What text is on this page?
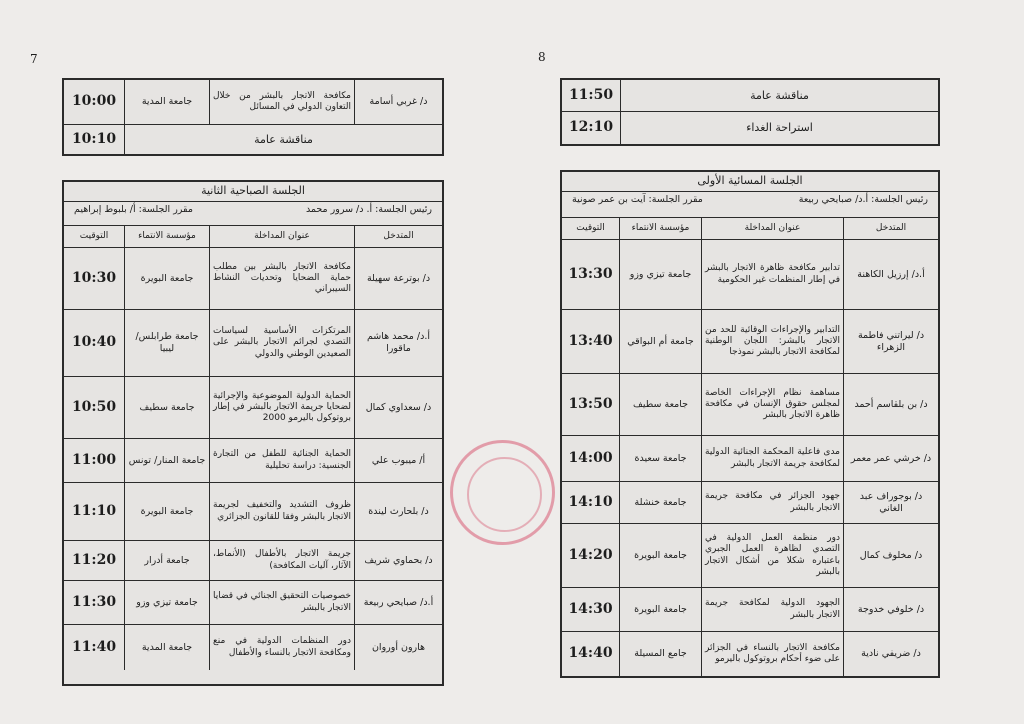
7	8
د/ غربي أسامة
مكافحة الاتجار بالبشر من خلال التعاون الدولي في المسائل
جامعة المدية
10:00
مناقشة عامة
10:10
الجلسة الصباحية الثانية
رئيس الجلسة: أ. د/ سرور محمد
مقرر الجلسة: أ/ بلبوط إبراهيم
المتدخل
عنوان المداخلة
مؤسسة الانتماء
التوقيت
د/ بوترعة سهيلة
مكافحة الاتجار بالبشر بين مطلب حماية الضحايا وتحديات النشاط السيبراني
جامعة البويرة
10:30
أ.د/ محمد هاشم ماقورا
المرتكزات الأساسية لسياسات التصدي لجرائم الاتجار بالبشر على الصعيدين الوطني والدولي
جامعة طرابلس/ ليبيا
10:40
د/ سعداوي كمال
الحماية الدولية الموضوعية والإجرائية لضحايا جريمة الاتجار بالبشر في إطار بروتوكول باليرمو 2000
جامعة سطيف
10:50
أ/ ميبوب علي
الحماية الجنائية للطفل من التجارة الجنسية: دراسة تحليلية
جامعة المنار/ تونس
11:00
د/ بلحارث ليندة
ظروف التشديد والتخفيف لجريمة الاتجار بالبشر وفقا للقانون الجزائري
جامعة البويرة
11:10
د/ بحماوي شريف
جريمة الاتجار بالأطفال (الأنماط، الآثار، آليات المكافحة)
جامعة أدرار
11:20
أ.د/ صبايحي ربيعة
خصوصيات التحقيق الجنائي في قضايا الاتجار بالبشر
جامعة تيزي وزو
11:30
هارون أوروان
دور المنظمات الدولية في منع ومكافحة الاتجار بالنساء والأطفال
جامعة المدية
11:40
مناقشة عامة
11:50
استراحة الغداء
12:10
الجلسة المسائية الأولى
رئيس الجلسة: أ.د/ صبايحي ربيعة
مقرر الجلسة: آيت بن عمر صونية
المتدخل
عنوان المداخلة
مؤسسة الانتماء
التوقيت
أ.د/ إرزيل الكاهنة
تدابير مكافحة ظاهرة الاتجار بالبشر في إطار المنظمات غير الحكومية
جامعة تيزي وزو
13:30
د/ ليراتني فاطمة الزهراء
التدابير والإجراءات الوقائية للحد من الاتجار بالبشر: اللجان الوطنية لمكافحة الاتجار بالبشر نموذجا
جامعة أم البواقي
13:40
د/ بن بلقاسم أحمد
مساهمة نظام الإجراءات الخاصة لمجلس حقوق الإنسان في مكافحة ظاهرة الاتجار بالبشر
جامعة سطيف
13:50
د/ خرشي عمر معمر
مدى فاعلية المحكمة الجنائية الدولية لمكافحة جريمة الاتجار بالبشر
جامعة سعيدة
14:00
د/ بوجوراف عبد الغاني
جهود الجزائر في مكافحة جريمة الاتجار بالبشر
جامعة خنشلة
14:10
د/ مخلوف كمال
دور منظمة العمل الدولية في التصدي لظاهرة العمل الجبري باعتباره شكلا من أشكال الاتجار بالبشر
جامعة البويرة
14:20
د/ خلوفي خدوجة
الجهود الدولية لمكافحة جريمة الاتجار بالبشر
جامعة البويرة
14:30
د/ ضريفي نادية
مكافحة الاتجار بالنساء في الجزائر على ضوء أحكام بروتوكول باليرمو
جامع المسيلة
14:40
